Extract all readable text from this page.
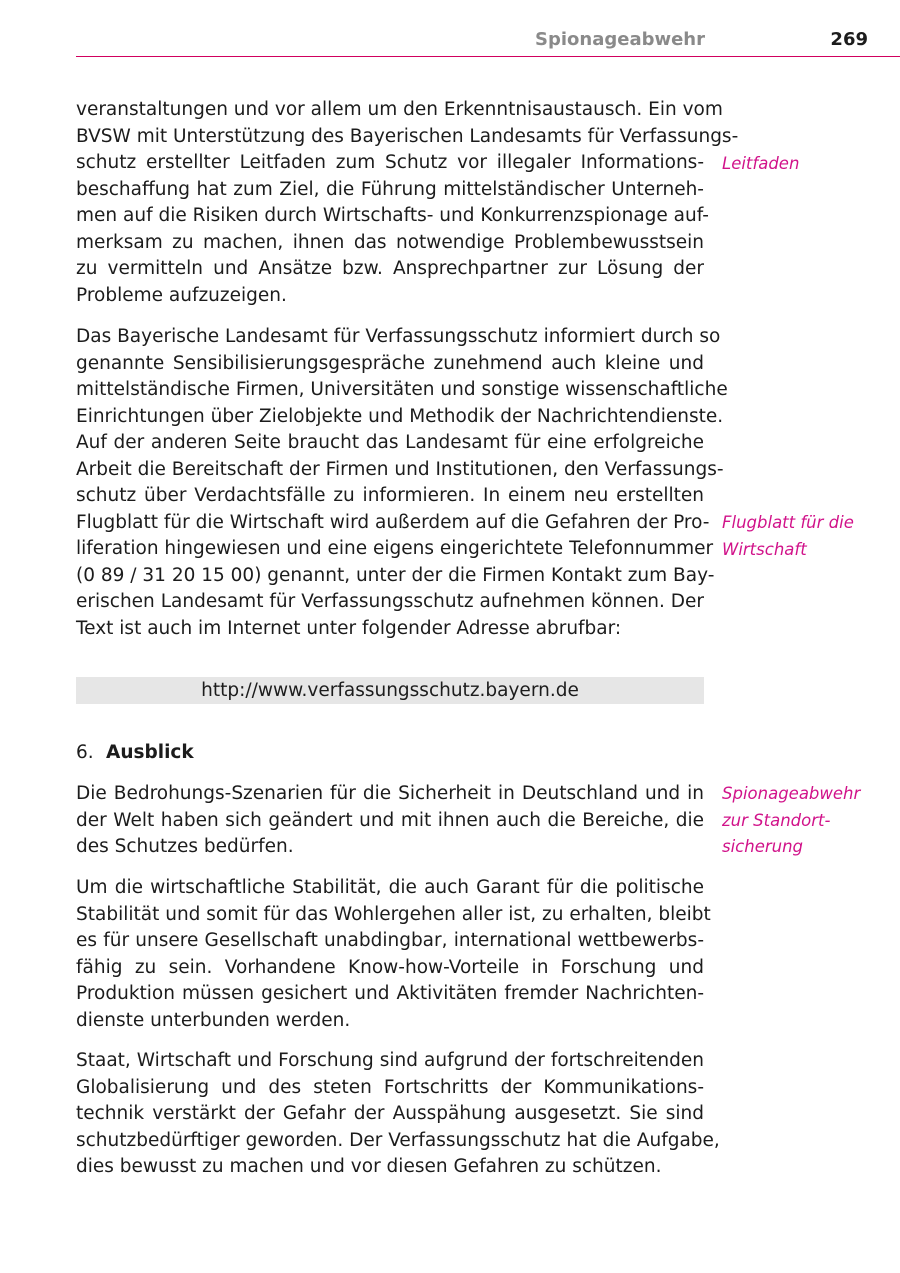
Spionageabwehr	269
veranstaltungen und vor allem um den Erkenntnisaustausch. Ein vom
BVSW mit Unterstützung des Bayerischen Landesamts für Verfassungs-
schutz erstellter Leitfaden zum Schutz vor illegaler Informations-
beschaffung hat zum Ziel, die Führung mittelständischer Unterneh-
men auf die Risiken durch Wirtschafts- und Konkurrenzspionage auf-
merksam zu machen, ihnen das notwendige Problembewusstsein
zu vermitteln und Ansätze bzw. Ansprechpartner zur Lösung der
Probleme aufzuzeigen.
Das Bayerische Landesamt für Verfassungsschutz informiert durch so
genannte Sensibilisierungsgespräche zunehmend auch kleine und
mittelständische Firmen, Universitäten und sonstige wissenschaftliche
Einrichtungen über Zielobjekte und Methodik der Nachrichtendienste.
Auf der anderen Seite braucht das Landesamt für eine erfolgreiche
Arbeit die Bereitschaft der Firmen und Institutionen, den Verfassungs-
schutz über Verdachtsfälle zu informieren. In einem neu erstellten
Flugblatt für die Wirtschaft wird außerdem auf die Gefahren der Pro-
liferation hingewiesen und eine eigens eingerichtete Telefonnummer
(0 89 / 31 20 15 00) genannt, unter der die Firmen Kontakt zum Bay-
erischen Landesamt für Verfassungsschutz aufnehmen können. Der
Text ist auch im Internet unter folgender Adresse abrufbar:
http://www.verfassungsschutz.bayern.de
6. Ausblick
Die Bedrohungs-Szenarien für die Sicherheit in Deutschland und in
der Welt haben sich geändert und mit ihnen auch die Bereiche, die
des Schutzes bedürfen.
Um die wirtschaftliche Stabilität, die auch Garant für die politische
Stabilität und somit für das Wohlergehen aller ist, zu erhalten, bleibt
es für unsere Gesellschaft unabdingbar, international wettbewerbs-
fähig zu sein. Vorhandene Know-how-Vorteile in Forschung und
Produktion müssen gesichert und Aktivitäten fremder Nachrichten-
dienste unterbunden werden.
Staat, Wirtschaft und Forschung sind aufgrund der fortschreitenden
Globalisierung und des steten Fortschritts der Kommunikations-
technik verstärkt der Gefahr der Ausspähung ausgesetzt. Sie sind
schutzbedürftiger geworden. Der Verfassungsschutz hat die Aufgabe,
dies bewusst zu machen und vor diesen Gefahren zu schützen.
Leitfaden
Flugblatt für die
Wirtschaft
Spionageabwehr
zur Standort-
sicherung
